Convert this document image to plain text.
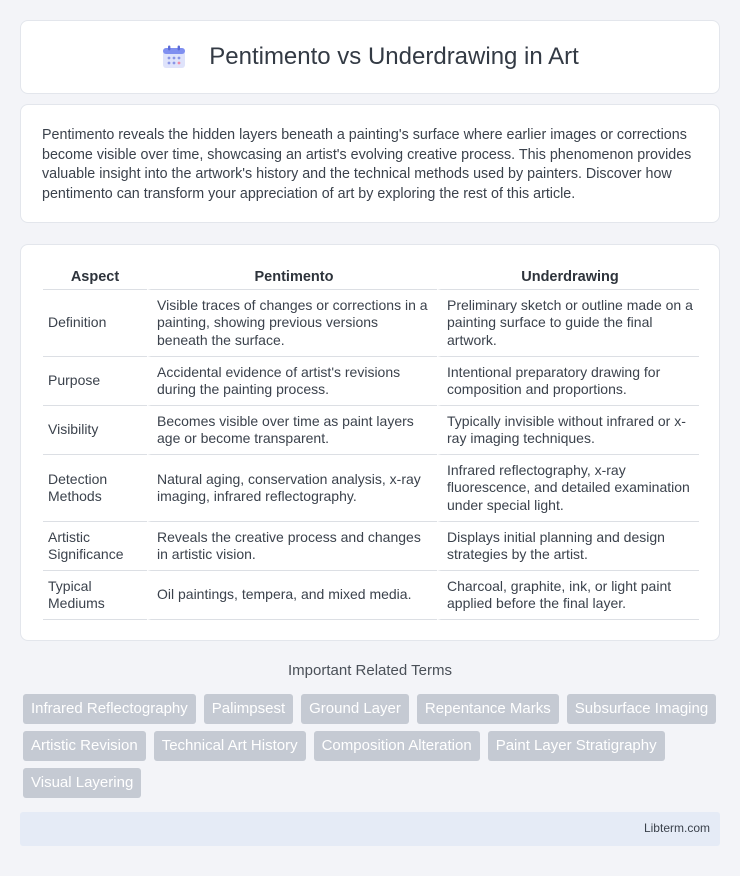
Pentimento vs Underdrawing in Art

Pentimento reveals the hidden layers beneath a painting's surface where earlier images or corrections become visible over time, showcasing an artist's evolving creative process. This phenomenon provides valuable insight into the artwork's history and the technical methods used by painters. Discover how pentimento can transform your appreciation of art by exploring the rest of this article.

Aspect	Pentimento	Underdrawing
Definition	Visible traces of changes or corrections in a painting, showing previous versions beneath the surface.	Preliminary sketch or outline made on a painting surface to guide the final artwork.
Purpose	Accidental evidence of artist's revisions during the painting process.	Intentional preparatory drawing for composition and proportions.
Visibility	Becomes visible over time as paint layers age or become transparent.	Typically invisible without infrared or x-ray imaging techniques.
Detection Methods	Natural aging, conservation analysis, x-ray imaging, infrared reflectography.	Infrared reflectography, x-ray fluorescence, and detailed examination under special light.
Artistic Significance	Reveals the creative process and changes in artistic vision.	Displays initial planning and design strategies by the artist.
Typical Mediums	Oil paintings, tempera, and mixed media.	Charcoal, graphite, ink, or light paint applied before the final layer.
Important Related Terms
Infrared Reflectography	Palimpsest	Ground Layer	Repentance Marks	Subsurface Imaging
Artistic Revision	Technical Art History	Composition Alteration	Paint Layer Stratigraphy
Visual Layering
Libterm.com
